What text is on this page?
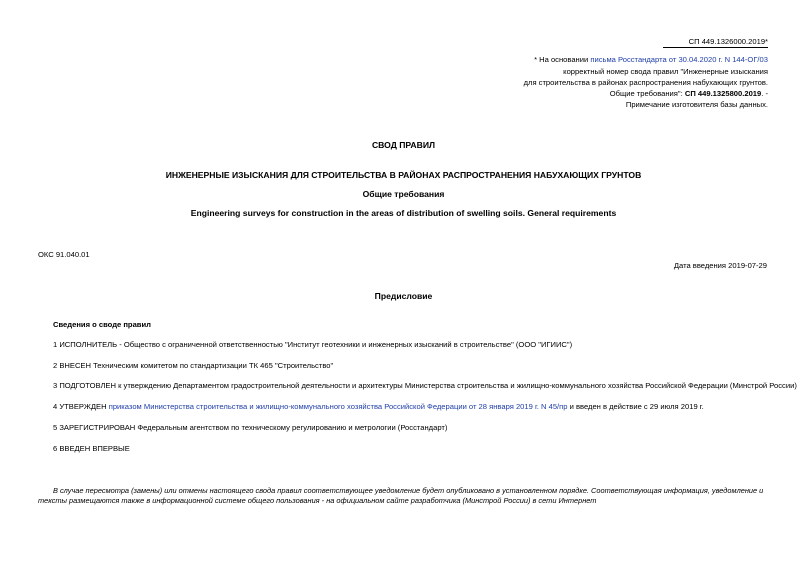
СП 449.1326000.2019*
* На основании письма Росстандарта от 30.04.2020 г. N 144-ОГ/03
корректный номер свода правил "Инженерные изыскания
для строительства в районах распространения набухающих грунтов.
Общие требования": СП 449.1325800.2019. -
Примечание изготовителя базы данных.
СВОД ПРАВИЛ
ИНЖЕНЕРНЫЕ ИЗЫСКАНИЯ ДЛЯ СТРОИТЕЛЬСТВА В РАЙОНАХ РАСПРОСТРАНЕНИЯ НАБУХАЮЩИХ ГРУНТОВ
Общие требования
Engineering surveys for construction in the areas of distribution of swelling soils. General requirements
ОКС 91.040.01
Дата введения 2019-07-29
Предисловие
Сведения о своде правил
1 ИСПОЛНИТЕЛЬ - Общество с ограниченной ответственностью "Институт геотехники и инженерных изысканий в строительстве" (ООО "ИГИИС")
2 ВНЕСЕН Техническим комитетом по стандартизации ТК 465 "Строительство"
3 ПОДГОТОВЛЕН к утверждению Департаментом градостроительной деятельности и архитектуры Министерства строительства и жилищно-коммунального хозяйства Российской Федерации (Минстрой России)
4 УТВЕРЖДЕН приказом Министерства строительства и жилищно-коммунального хозяйства Российской Федерации от 28 января 2019 г. N 45/пр и введен в действие с 29 июля 2019 г.
5 ЗАРЕГИСТРИРОВАН Федеральным агентством по техническому регулированию и метрологии (Росстандарт)
6 ВВЕДЕН ВПЕРВЫЕ
В случае пересмотра (замены) или отмены настоящего свода правил соответствующее уведомление будет опубликовано в установленном порядке. Соответствующая информация, уведомление и
тексты размещаются также в информационной системе общего пользования - на официальном сайте разработчика (Минстрой России) в сети Интернет
